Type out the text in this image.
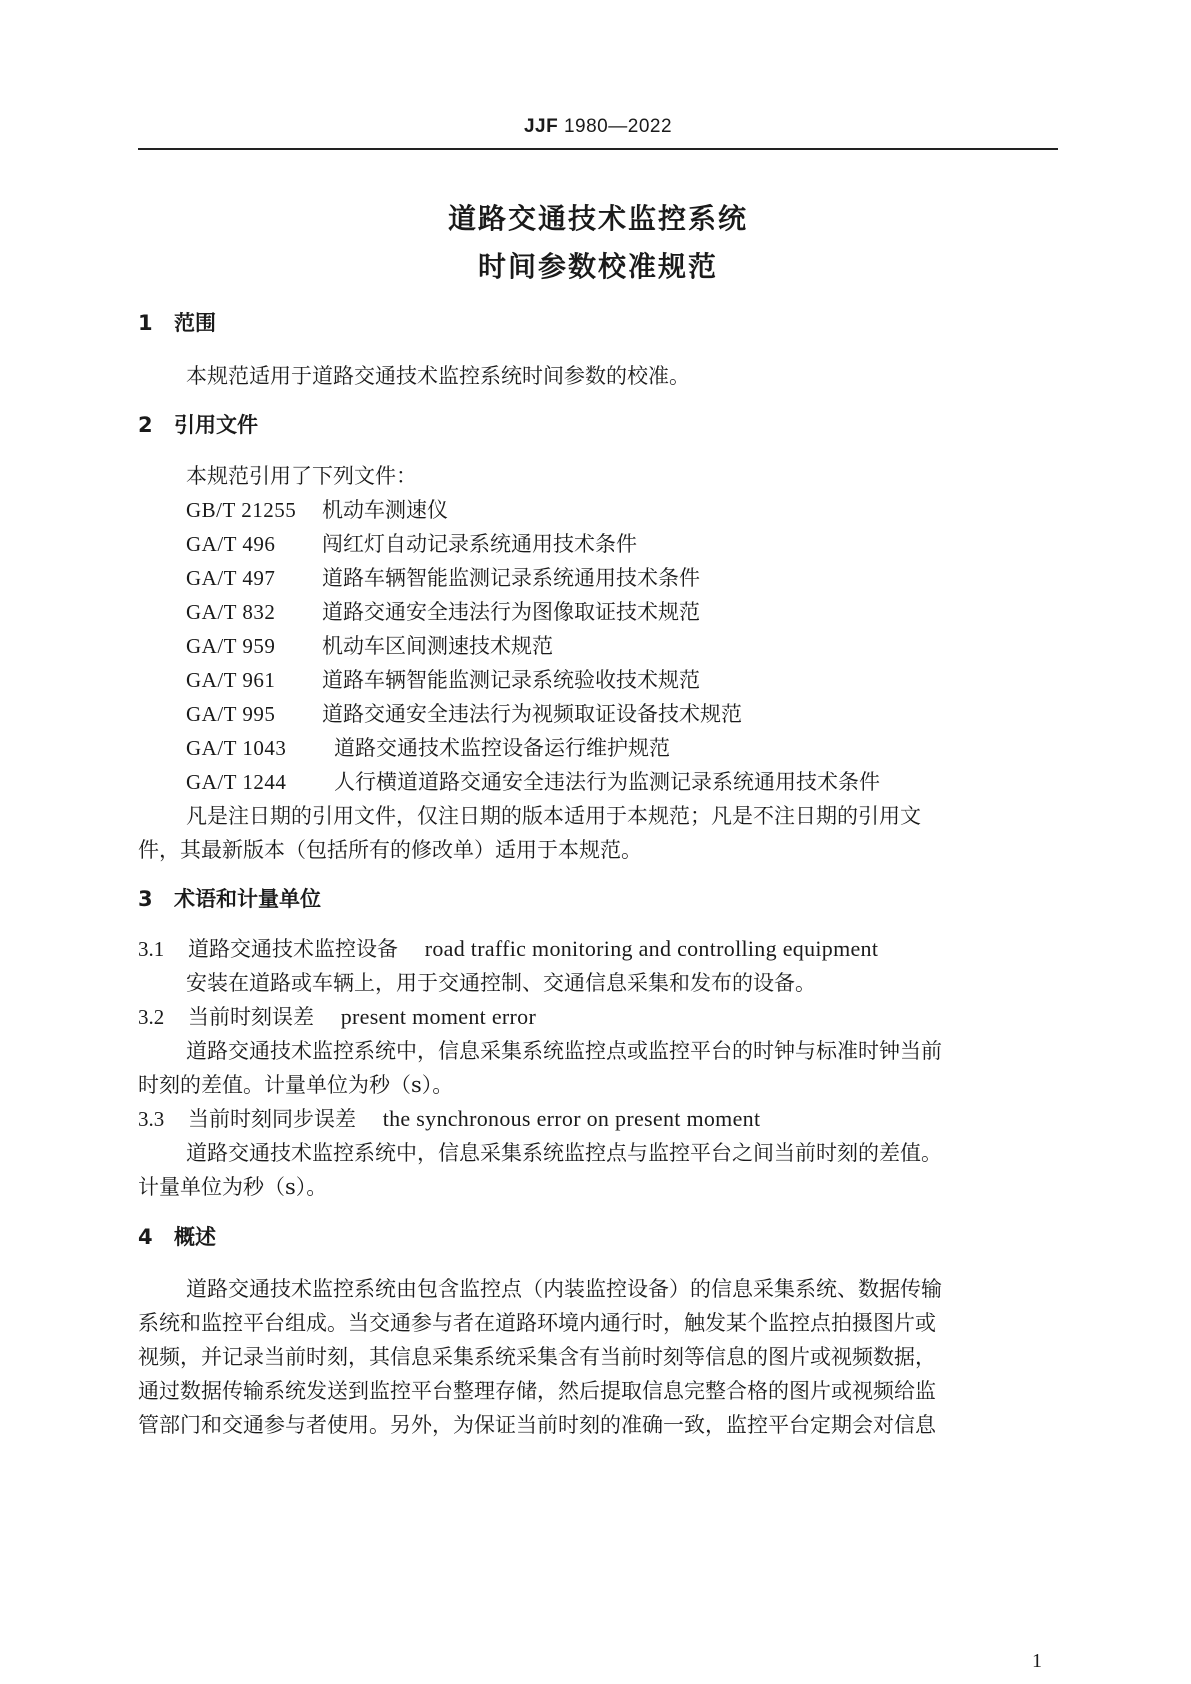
JJF 1980—2022
道路交通技术监控系统
时间参数校准规范
1 范围
本规范适用于道路交通技术监控系统时间参数的校准。
2 引用文件
本规范引用了下列文件：
GB/T 21255 机动车测速仪
GA/T 496 闯红灯自动记录系统通用技术条件
GA/T 497 道路车辆智能监测记录系统通用技术条件
GA/T 832 道路交通安全违法行为图像取证技术规范
GA/T 959 机动车区间测速技术规范
GA/T 961 道路车辆智能监测记录系统验收技术规范
GA/T 995 道路交通安全违法行为视频取证设备技术规范
GA/T 1043 道路交通技术监控设备运行维护规范
GA/T 1244 人行横道道路交通安全违法行为监测记录系统通用技术条件
凡是注日期的引用文件，仅注日期的版本适用于本规范；凡是不注日期的引用文
件，其最新版本（包括所有的修改单）适用于本规范。
3 术语和计量单位
3.1 道路交通技术监控设备 road traffic monitoring and controlling equipment
安装在道路或车辆上，用于交通控制、交通信息采集和发布的设备。
3.2 当前时刻误差 present moment error
道路交通技术监控系统中，信息采集系统监控点或监控平台的时钟与标准时钟当前
时刻的差值。计量单位为秒（s）。
3.3 当前时刻同步误差 the synchronous error on present moment
道路交通技术监控系统中，信息采集系统监控点与监控平台之间当前时刻的差值。
计量单位为秒（s）。
4 概述
道路交通技术监控系统由包含监控点（内装监控设备）的信息采集系统、数据传输
系统和监控平台组成。当交通参与者在道路环境内通行时，触发某个监控点拍摄图片或
视频，并记录当前时刻，其信息采集系统采集含有当前时刻等信息的图片或视频数据，
通过数据传输系统发送到监控平台整理存储，然后提取信息完整合格的图片或视频给监
管部门和交通参与者使用。另外，为保证当前时刻的准确一致，监控平台定期会对信息
1
